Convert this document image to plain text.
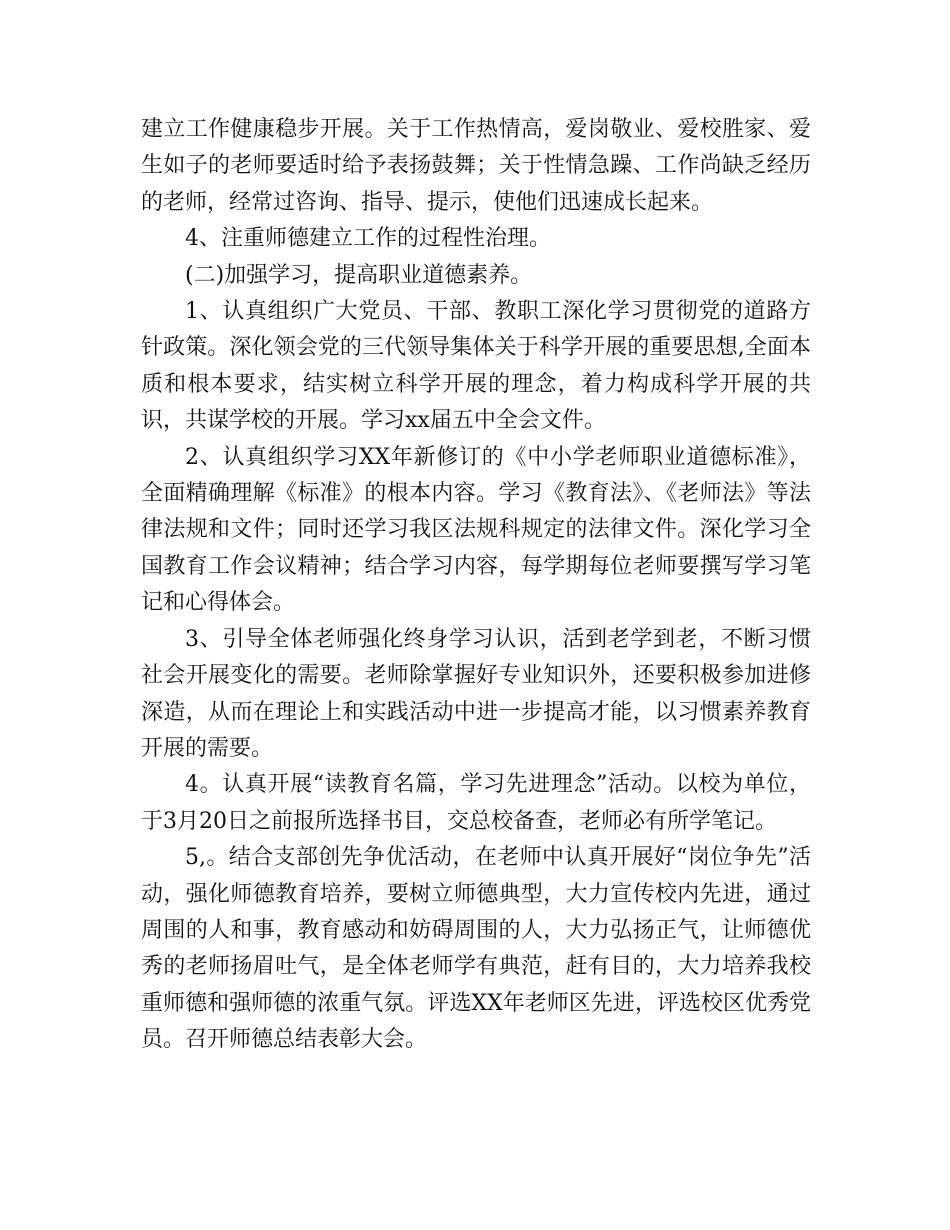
建立工作健康稳步开展。关于工作热情高，爱岗敬业、爱校胜家、爱生如子的老师要适时给予表扬鼓舞；关于性情急躁、工作尚缺乏经历的老师，经常过咨询、指导、提示，使他们迅速成长起来。

4、注重师德建立工作的过程性治理。

(二)加强学习，提高职业道德素养。

1、认真组织广大党员、干部、教职工深化学习贯彻党的道路方针政策。深化领会党的三代领导集体关于科学开展的重要思想,全面本质和根本要求，结实树立科学开展的理念，着力构成科学开展的共识，共谋学校的开展。学习xx届五中全会文件。

2、认真组织学习XX年新修订的《中小学老师职业道德标准》，全面精确理解《标准》的根本内容。学习《教育法》、《老师法》等法律法规和文件；同时还学习我区法规科规定的法律文件。深化学习全国教育工作会议精神；结合学习内容，每学期每位老师要撰写学习笔记和心得体会。

3、引导全体老师强化终身学习认识，活到老学到老，不断习惯社会开展变化的需要。老师除掌握好专业知识外，还要积极参加进修深造，从而在理论上和实践活动中进一步提高才能，以习惯素养教育开展的需要。

4。认真开展“读教育名篇，学习先进理念”活动。以校为单位，于3月20日之前报所选择书目，交总校备查，老师必有所学笔记。

5,。结合支部创先争优活动，在老师中认真开展好“岗位争先”活动，强化师德教育培养，要树立师德典型，大力宣传校内先进，通过周围的人和事，教育感动和妨碍周围的人，大力弘扬正气，让师德优秀的老师扬眉吐气，是全体老师学有典范，赶有目的，大力培养我校重师德和强师德的浓重气氛。评选XX年老师区先进，评选校区优秀党员。召开师德总结表彰大会。
